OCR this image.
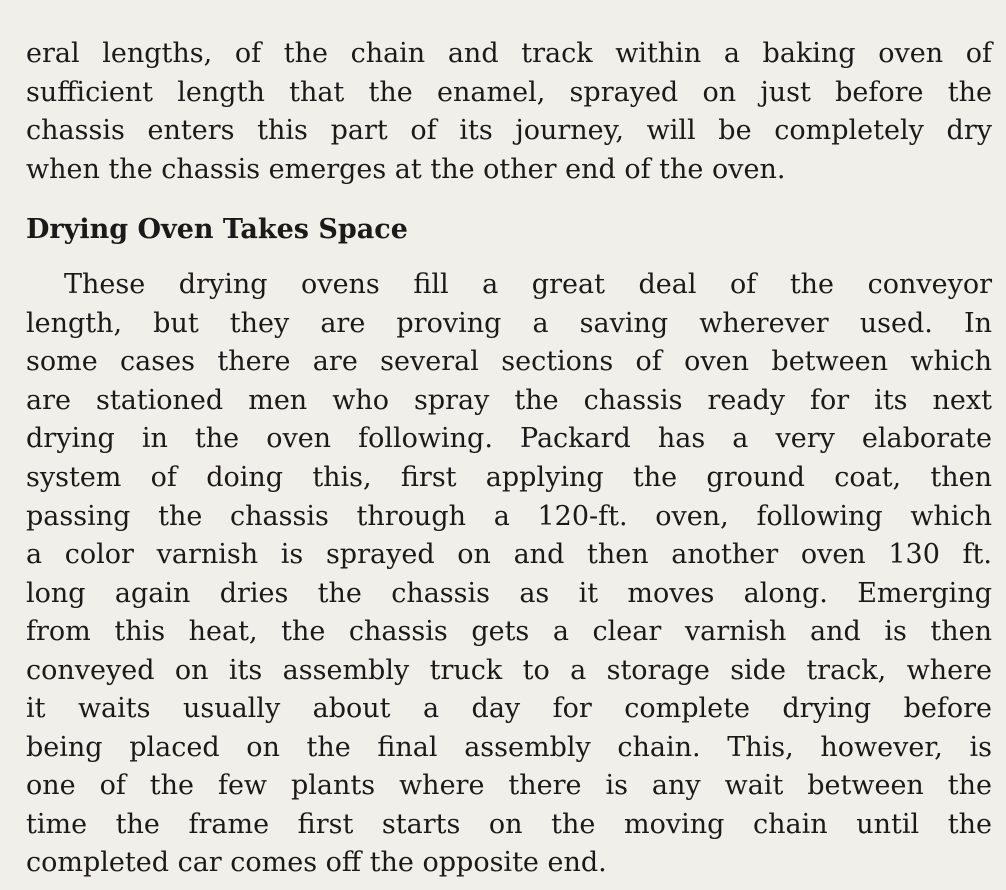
eral lengths, of the chain and track within a baking oven of
sufficient length that the enamel, sprayed on just before the
chassis enters this part of its journey, will be completely dry
when the chassis emerges at the other end of the oven.
Drying Oven Takes Space
These drying ovens fill a great deal of the conveyor
length, but they are proving a saving wherever used. In
some cases there are several sections of oven between which
are stationed men who spray the chassis ready for its next
drying in the oven following. Packard has a very elaborate
system of doing this, first applying the ground coat, then
passing the chassis through a 120-ft. oven, following which
a color varnish is sprayed on and then another oven 130 ft.
long again dries the chassis as it moves along. Emerging
from this heat, the chassis gets a clear varnish and is then
conveyed on its assembly truck to a storage side track, where
it waits usually about a day for complete drying before
being placed on the final assembly chain. This, however, is
one of the few plants where there is any wait between the
time the frame first starts on the moving chain until the
completed car comes off the opposite end.
